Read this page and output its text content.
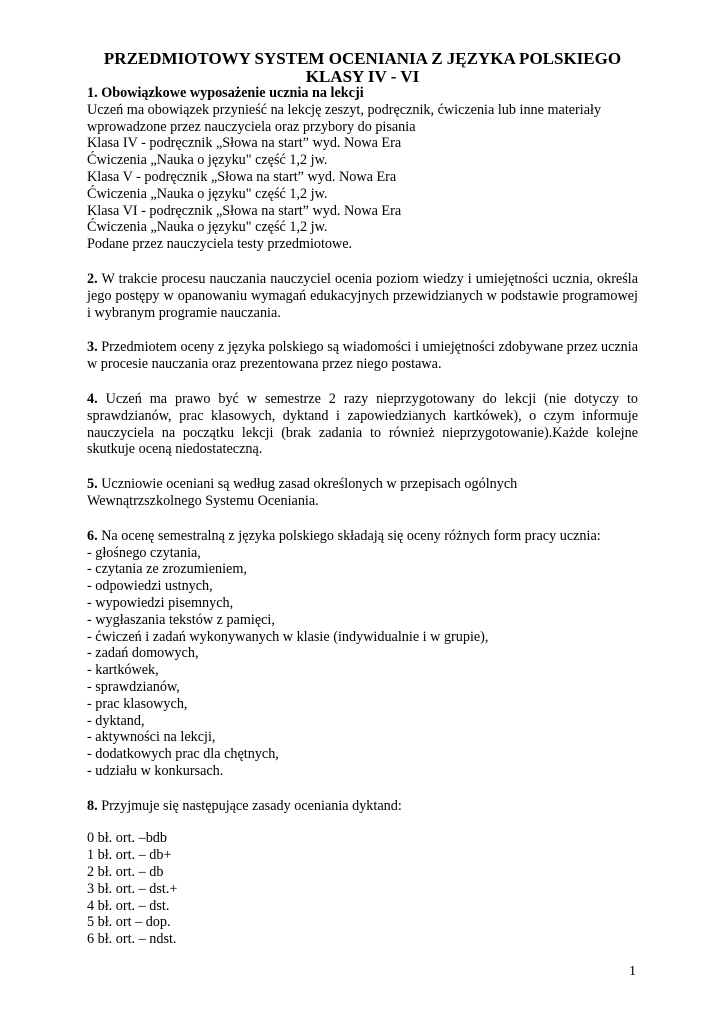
PRZEDMIOTOWY SYSTEM OCENIANIA Z JĘZYKA POLSKIEGO
KLASY IV - VI

1. Obowiązkowe wyposażenie ucznia na lekcji

Uczeń ma obowiązek przynieść na lekcję zeszyt, podręcznik, ćwiczenia lub inne materiały

wprowadzone przez nauczyciela oraz przybory do pisania

Klasa IV - podręcznik „Słowa na start” wyd. Nowa Era

Ćwiczenia „Nauka o języku" część 1,2 jw.

Klasa V - podręcznik „Słowa na start” wyd. Nowa Era

Ćwiczenia „Nauka o języku" część 1,2 jw.

Klasa VI - podręcznik „Słowa na start” wyd. Nowa Era

Ćwiczenia „Nauka o języku" część 1,2 jw.

Podane przez nauczyciela testy przedmiotowe.

2. W trakcie procesu nauczania nauczyciel ocenia poziom wiedzy i umiejętności ucznia, określa jego postępy w opanowaniu wymagań edukacyjnych przewidzianych w podstawie programowej i wybranym programie nauczania.

3. Przedmiotem oceny z języka polskiego są wiadomości i umiejętności zdobywane przez ucznia w procesie nauczania oraz prezentowana przez niego postawa.

4. Uczeń ma prawo być w semestrze 2 razy nieprzygotowany do lekcji (nie dotyczy to sprawdzianów, prac klasowych, dyktand i zapowiedzianych kartkówek), o czym informuje nauczyciela na początku lekcji (brak zadania to również nieprzygotowanie).Każde kolejne skutkuje oceną niedostateczną.

5. Uczniowie oceniani są według zasad określonych w przepisach ogólnych

Wewnątrzszkolnego Systemu Oceniania.

6. Na ocenę semestralną z języka polskiego składają się oceny różnych form pracy ucznia:

- głośnego czytania,
- czytania ze zrozumieniem,
- odpowiedzi ustnych,
- wypowiedzi pisemnych,
- wygłaszania tekstów z pamięci,
- ćwiczeń i zadań wykonywanych w klasie (indywidualnie i w grupie),
- zadań domowych,
- kartkówek,
- sprawdzianów,
- prac klasowych,
- dyktand,
- aktywności na lekcji,
- dodatkowych prac dla chętnych,
- udziału w konkursach.

8. Przyjmuje się następujące zasady oceniania dyktand:

0 bł. ort. –bdb
1 bł. ort. – db+
2 bł. ort. – db
3 bł. ort. – dst.+
4 bł. ort. – dst.
5 bł. ort – dop.
6 bł. ort. – ndst.
1
